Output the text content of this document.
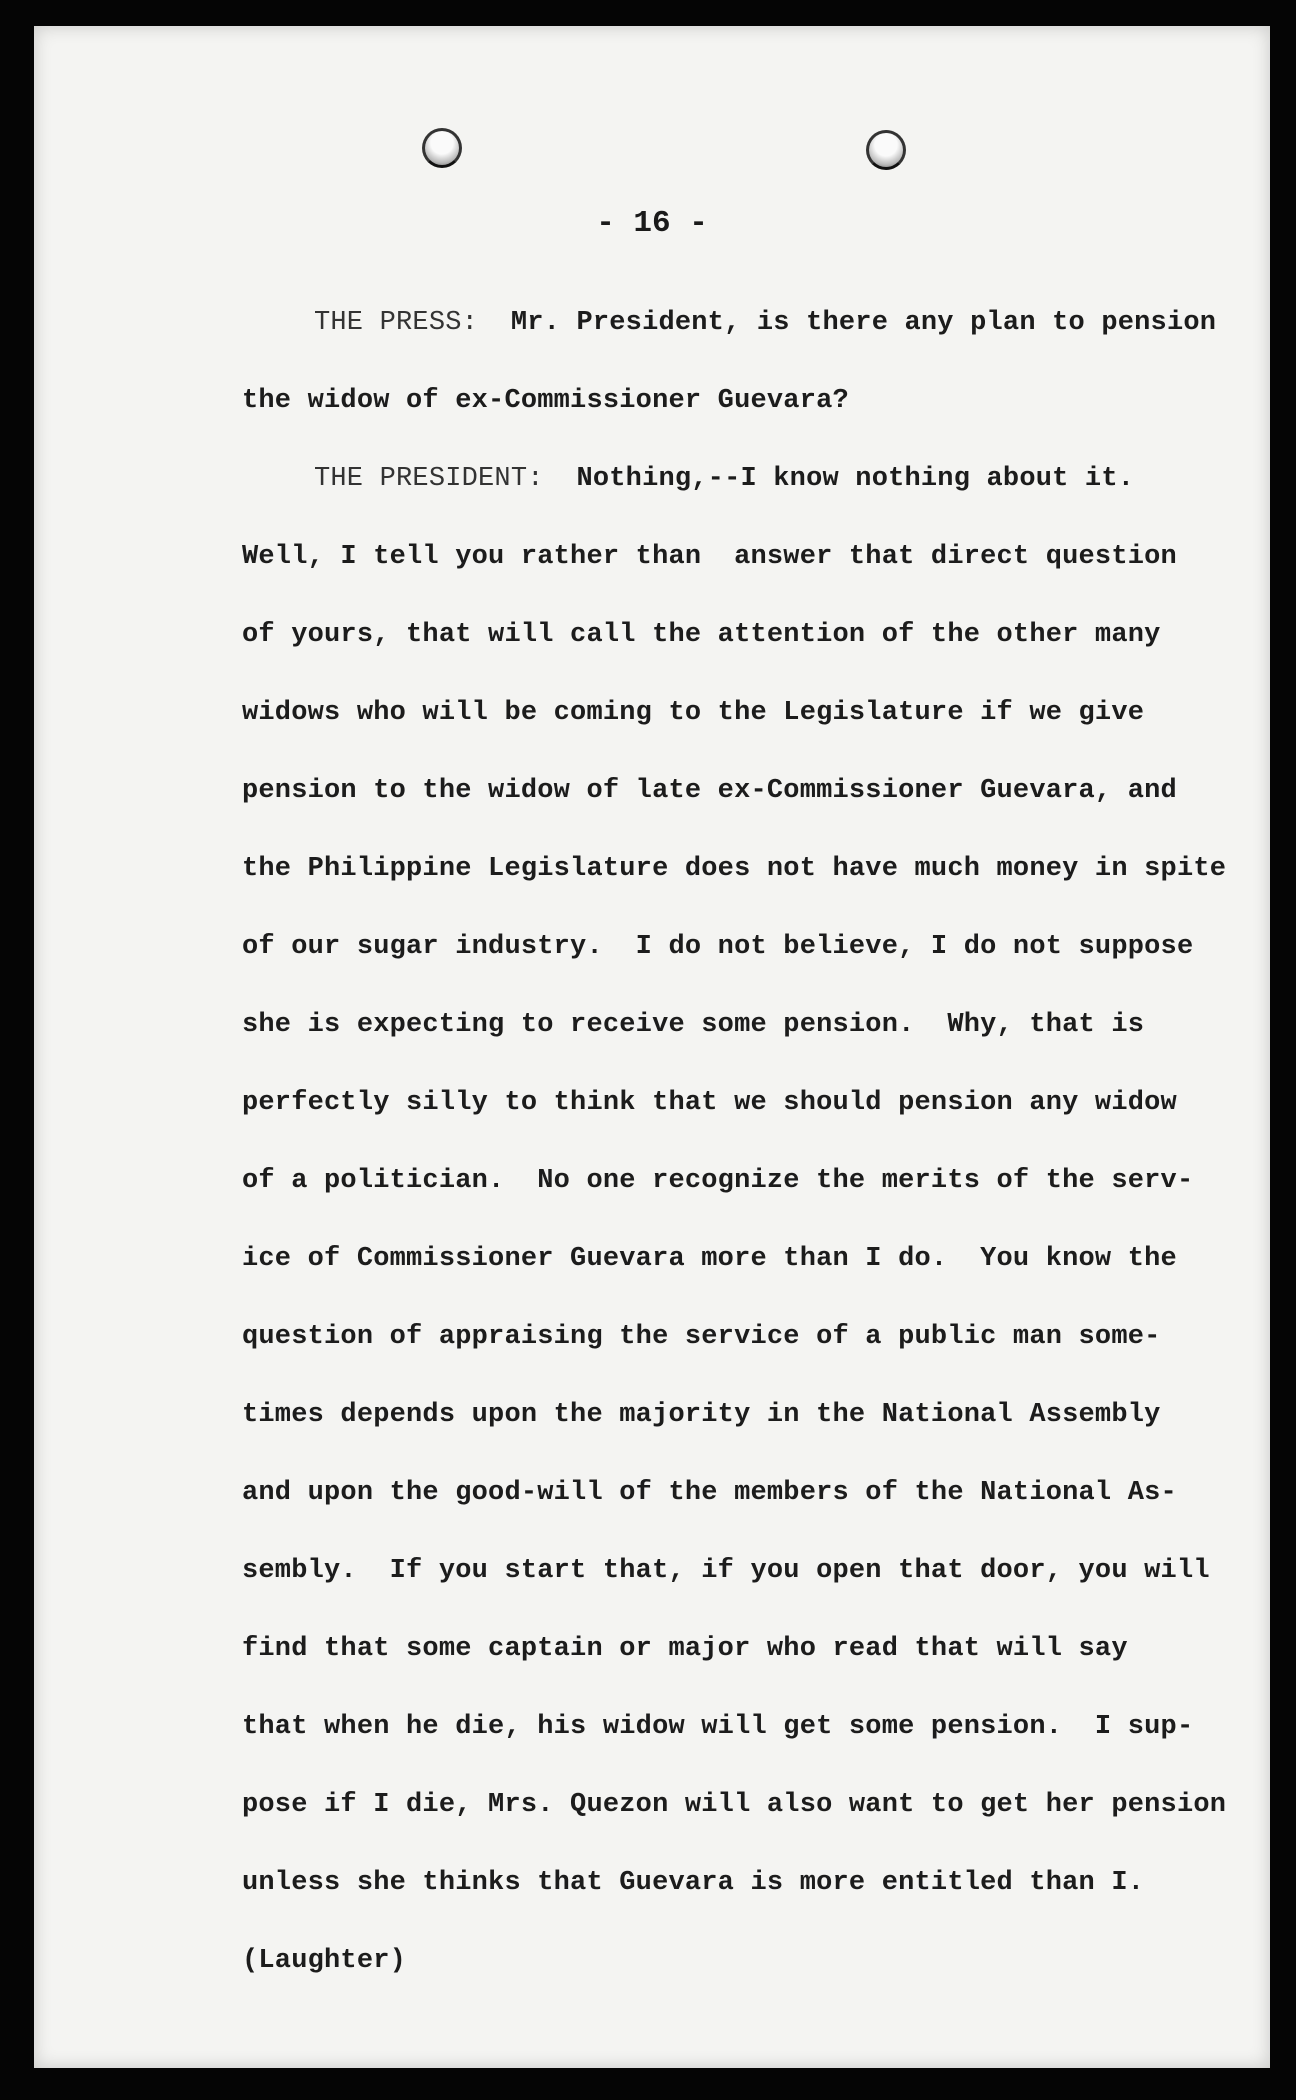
- 16 -
THE PRESS: Mr. President, is there any plan to pension
the widow of ex-Commissioner Guevara?
THE PRESIDENT: Nothing,--I know nothing about it.
Well, I tell you rather than  answer that direct question
of yours, that will call the attention of the other many
widows who will be coming to the Legislature if we give
pension to the widow of late ex-Commissioner Guevara, and
the Philippine Legislature does not have much money in spite
of our sugar industry.  I do not believe, I do not suppose
she is expecting to receive some pension.  Why, that is
perfectly silly to think that we should pension any widow
of a politician.  No one recognize the merits of the serv-
ice of Commissioner Guevara more than I do.  You know the
question of appraising the service of a public man some-
times depends upon the majority in the National Assembly
and upon the good-will of the members of the National As-
sembly.  If you start that, if you open that door, you will
find that some captain or major who read that will say
that when he die, his widow will get some pension.  I sup-
pose if I die, Mrs. Quezon will also want to get her pension
unless she thinks that Guevara is more entitled than I.
(Laughter)
